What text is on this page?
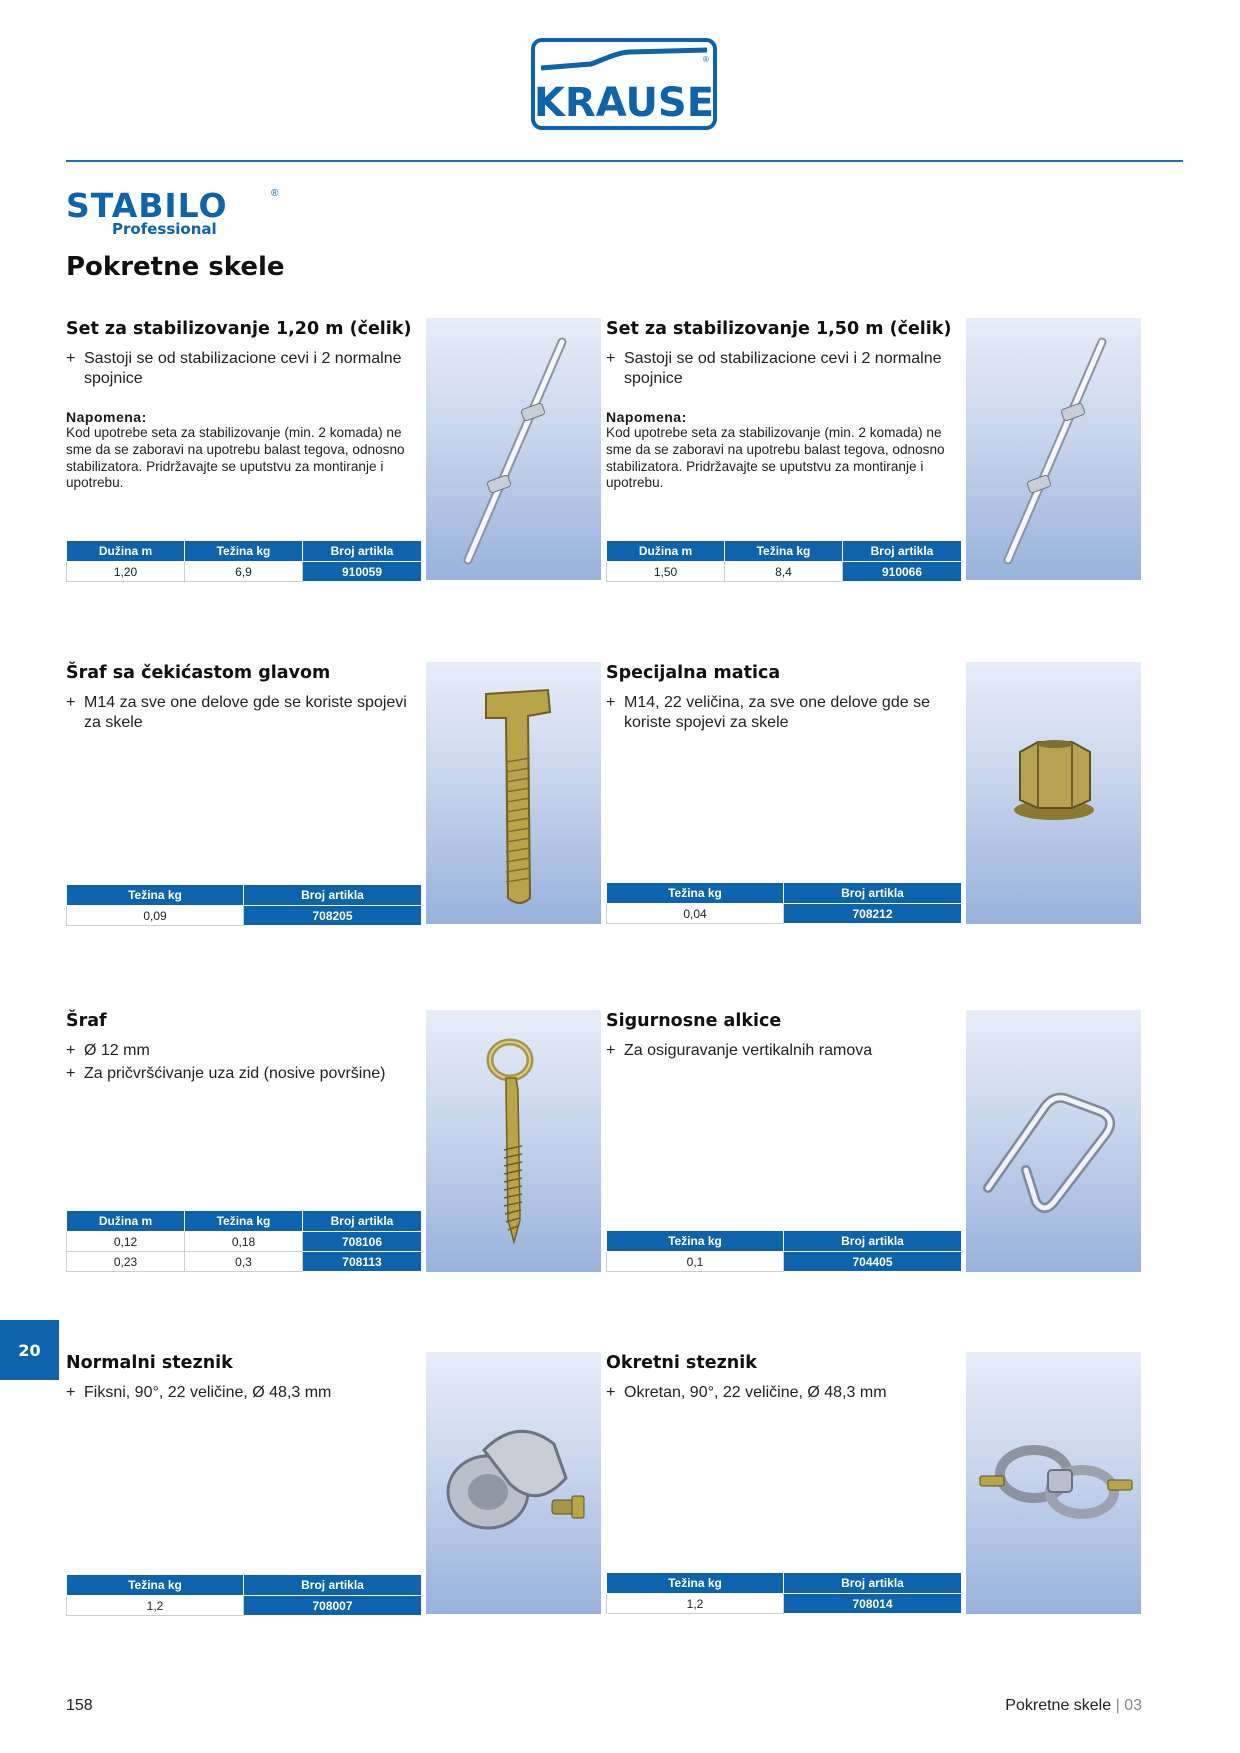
KRAUSE
®
STABILO	®
Professional
Pokretne skele
Set za stabilizovanje 1,20 m (čelik)
+ Sastoji se od stabilizacione cevi i 2 normalne spojnice
Napomena:
Kod upotrebe seta za stabilizovanje (min. 2 komada) ne sme da se zaboravi na upotrebu balast tegova, odnosno stabilizatora. Pridržavajte se uputstvu za montiranje i upotrebu.
Dužina m	Težina kg	Broj artikla
1,20	6,9	910059
Set za stabilizovanje 1,50 m (čelik)
+ Sastoji se od stabilizacione cevi i 2 normalne spojnice
Napomena:
Kod upotrebe seta za stabilizovanje (min. 2 komada) ne sme da se zaboravi na upotrebu balast tegova, odnosno stabilizatora. Pridržavajte se uputstvu za montiranje i upotrebu.
Dužina m	Težina kg	Broj artikla
1,50	8,4	910066
Šraf sa čekićastom glavom
+ M14 za sve one delove gde se koriste spojevi za skele
Težina kg	Broj artikla
0,09	708205
Specijalna matica
+ M14, 22 veličina, za sve one delove gde se koriste spojevi za skele
Težina kg	Broj artikla
0,04	708212
Šraf
+ Ø 12 mm
+ Za pričvršćivanje uza zid (nosive površine)
Dužina m	Težina kg	Broj artikla
0,12	0,18	708106
0,23	0,3	708113
Sigurnosne alkice
+ Za osiguravanje vertikalnih ramova
Težina kg	Broj artikla
0,1	704405
20
Normalni steznik
+ Fiksni, 90°, 22 veličine, Ø 48,3 mm
Težina kg	Broj artikla
1,2	708007
Okretni steznik
+ Okretan, 90°, 22 veličine, Ø 48,3 mm
Težina kg	Broj artikla
1,2	708014
158	Pokretne skele | 03
